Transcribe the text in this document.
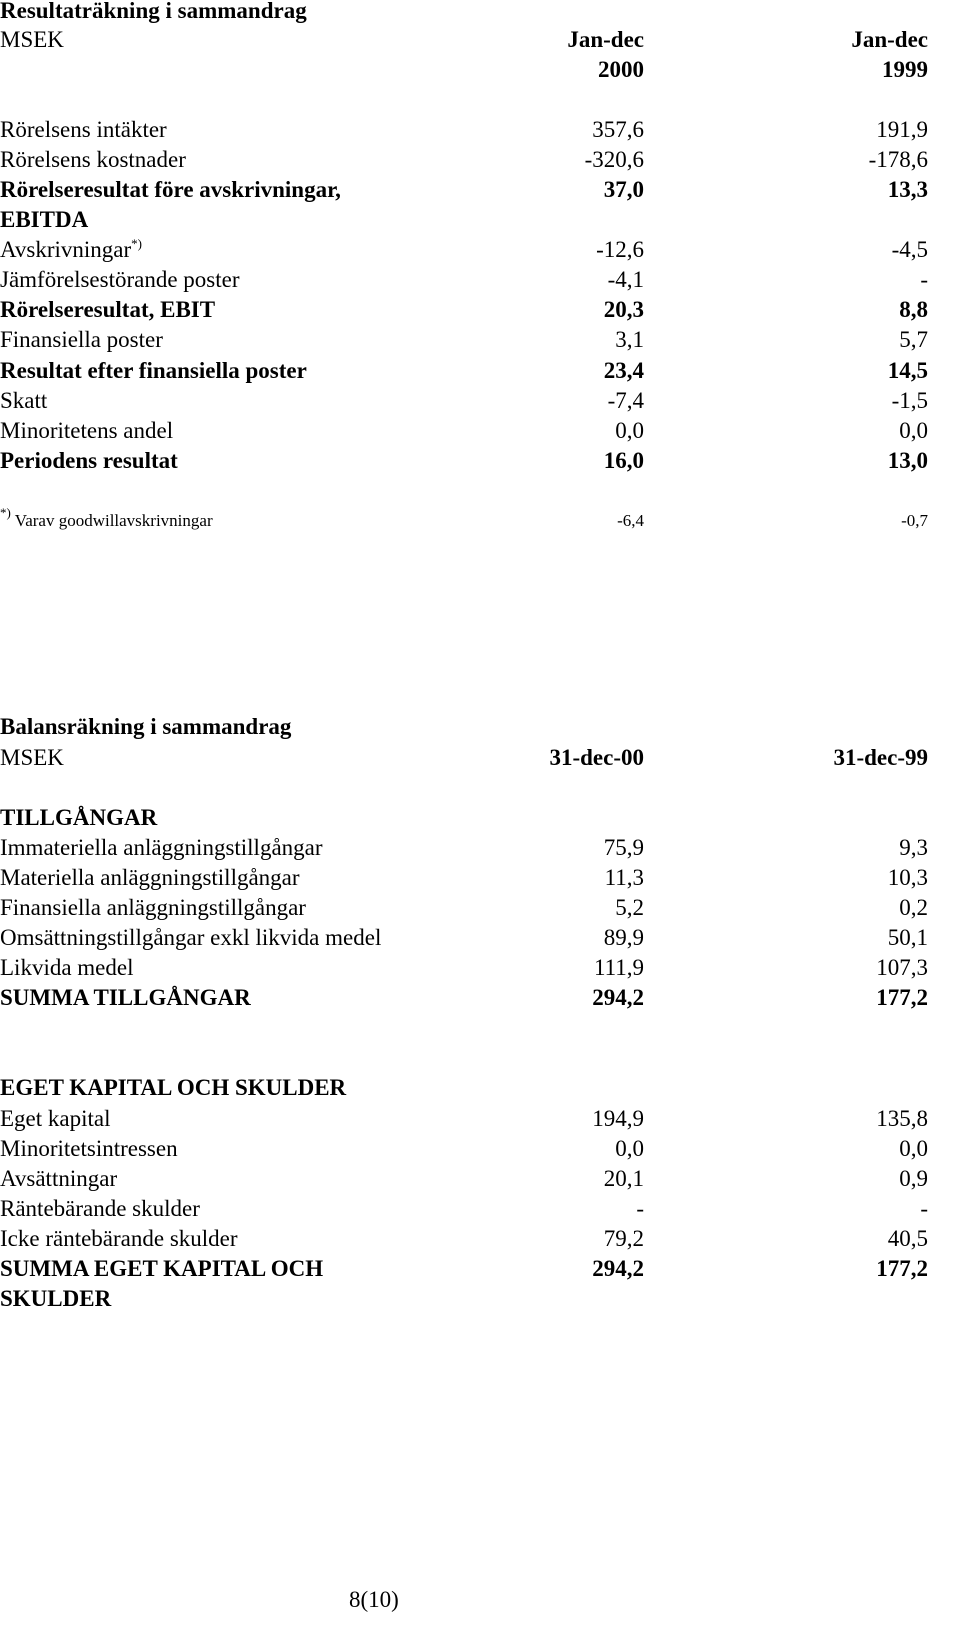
Resultaträkning i sammandrag
MSEK	Jan-dec	Jan-dec
2000	1999
Rörelsens intäkter	357,6	191,9
Rörelsens kostnader	-320,6	-178,6
Rörelseresultat före avskrivningar,	37,0	13,3
EBITDA
Avskrivningar*)	-12,6	-4,5
Jämförelsestörande poster	-4,1	-
Rörelseresultat, EBIT	20,3	8,8
Finansiella poster	3,1	5,7
Resultat efter finansiella poster	23,4	14,5
Skatt	-7,4	-1,5
Minoritetens andel	0,0	0,0
Periodens resultat	16,0	13,0
*) Varav goodwillavskrivningar	-6,4	-0,7
Balansräkning i sammandrag
MSEK	31-dec-00	31-dec-99
TILLGÅNGAR
Immateriella anläggningstillgångar	75,9	9,3
Materiella anläggningstillgångar	11,3	10,3
Finansiella anläggningstillgångar	5,2	0,2
Omsättningstillgångar exkl likvida medel	89,9	50,1
Likvida medel	111,9	107,3
SUMMA TILLGÅNGAR	294,2	177,2
EGET KAPITAL OCH SKULDER
Eget kapital	194,9	135,8
Minoritetsintressen	0,0	0,0
Avsättningar	20,1	0,9
Räntebärande skulder	-	-
Icke räntebärande skulder	79,2	40,5
SUMMA EGET KAPITAL OCH	294,2	177,2
SKULDER
8(10)
